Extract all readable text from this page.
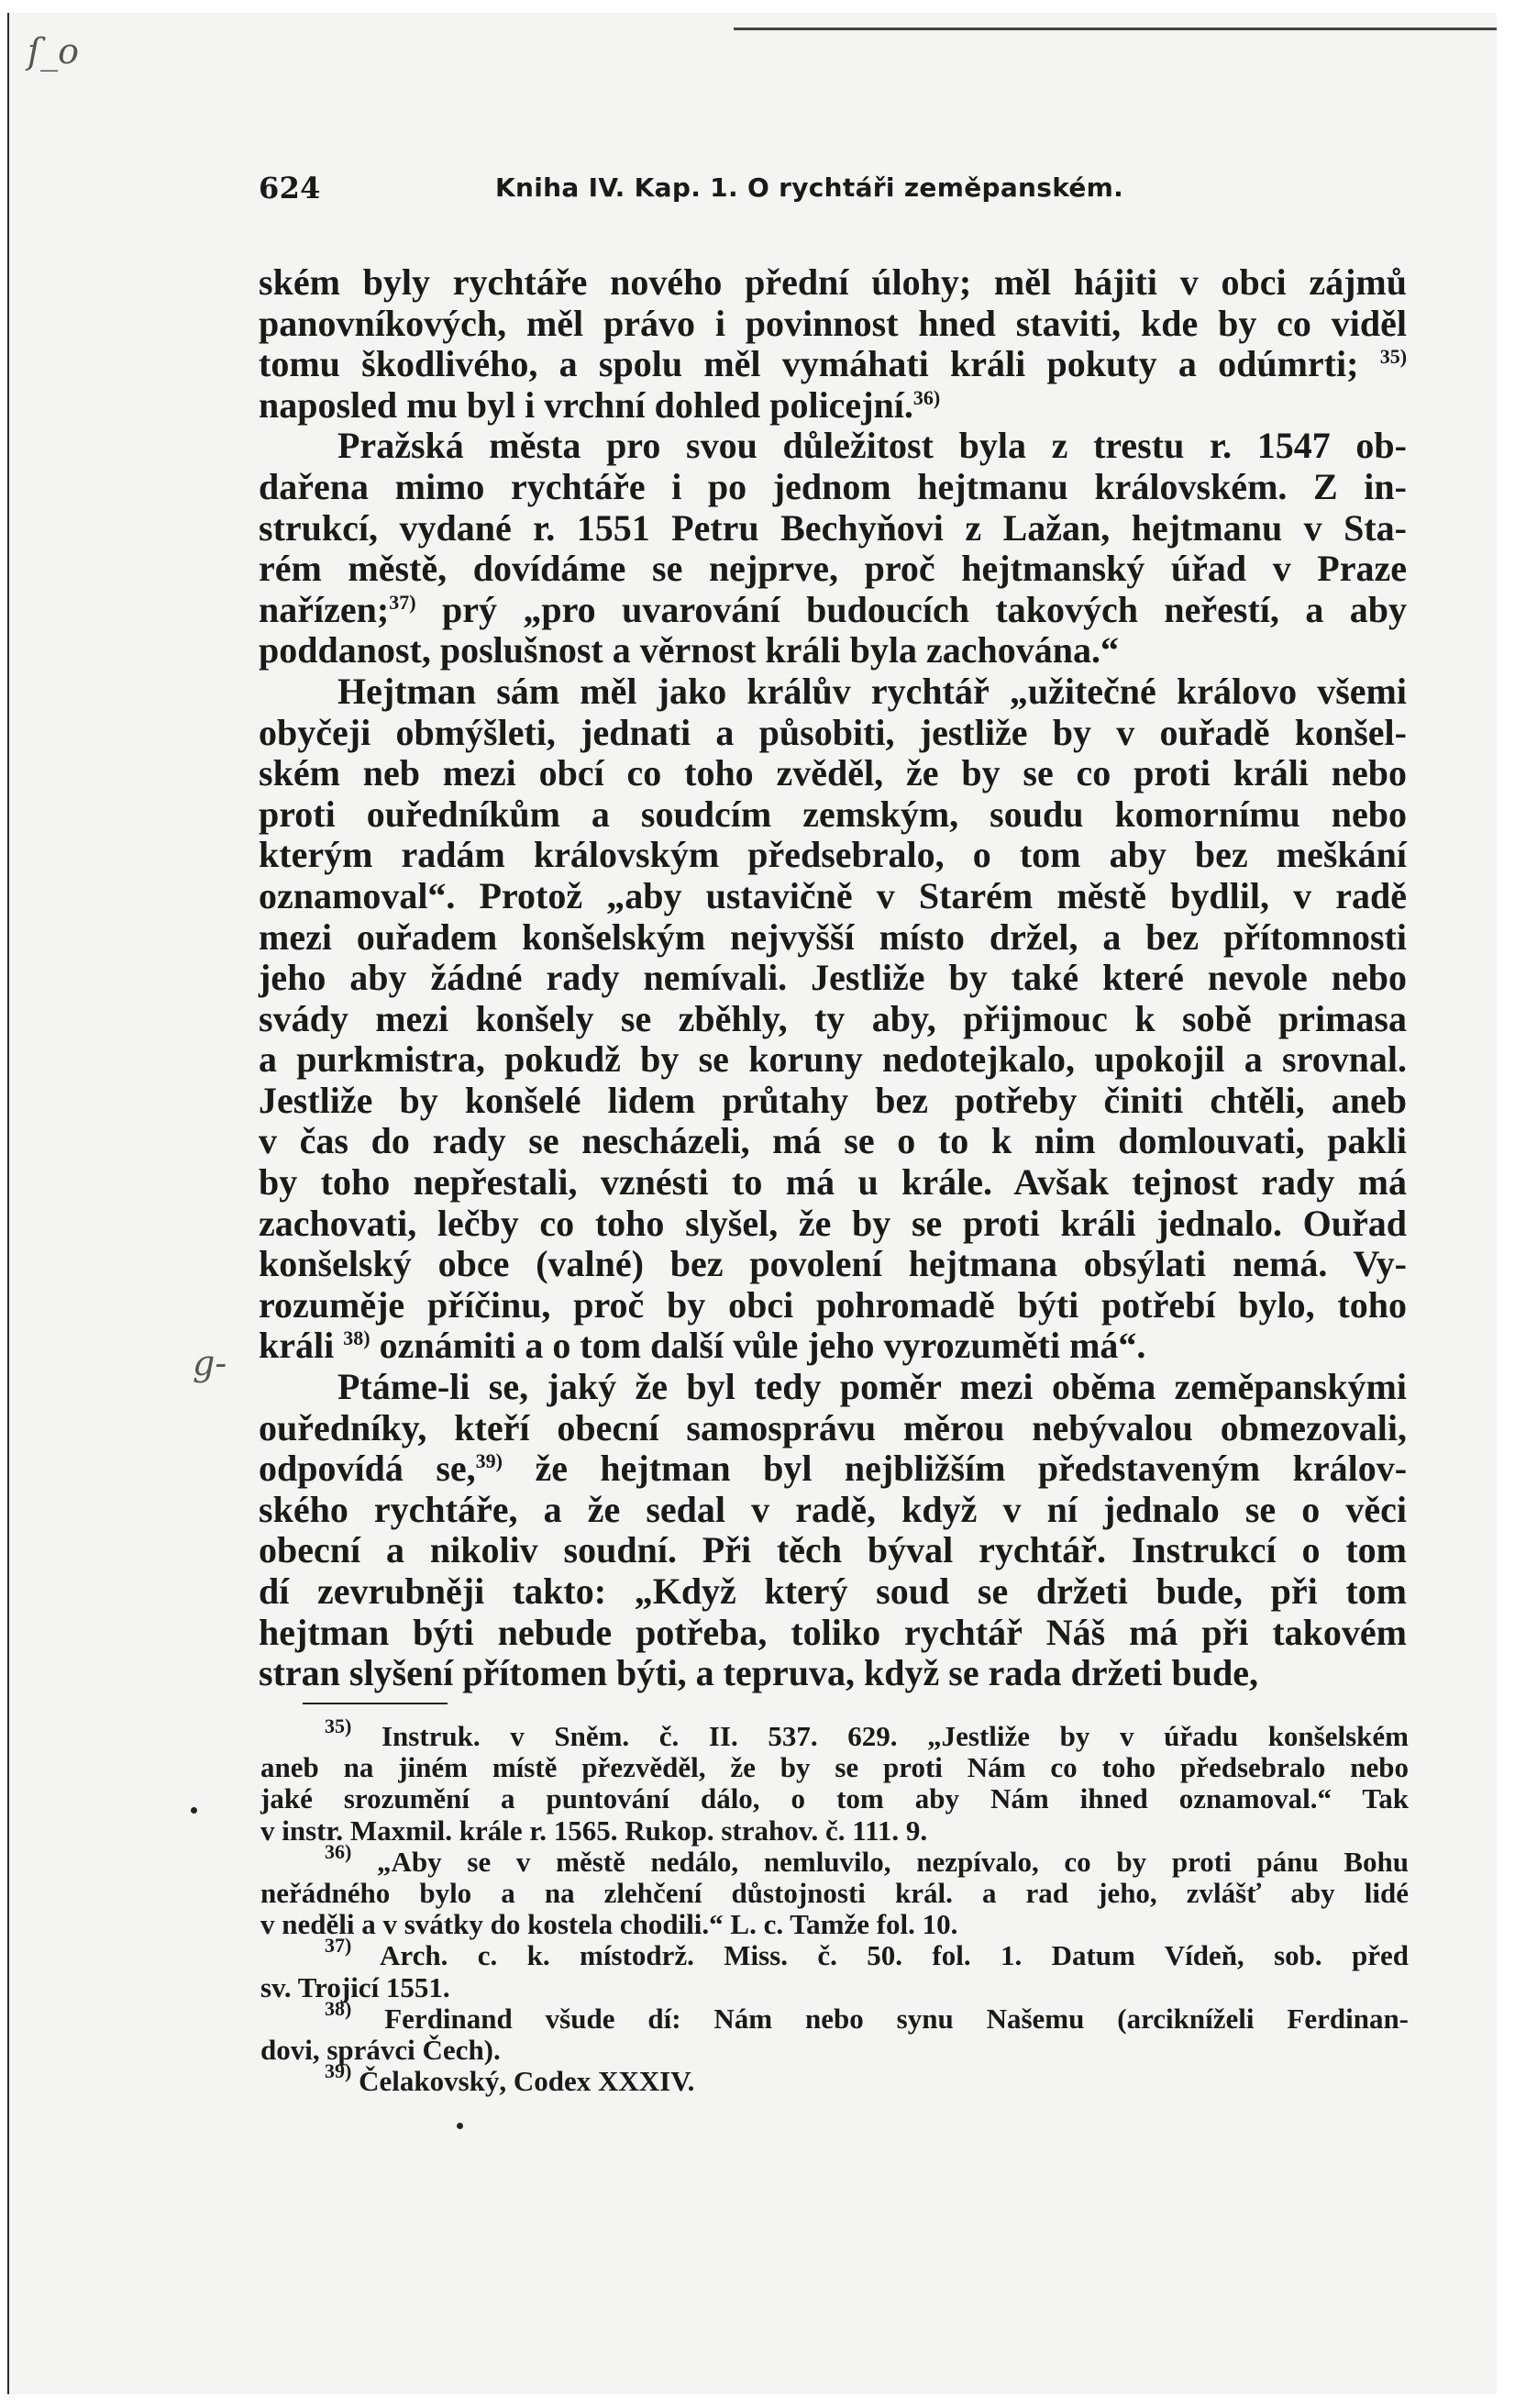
ſ_o
g-
624	Kniha IV. Kap. 1. O rychtáři zeměpanském.

ském byly rychtáře nového přední úlohy; měl hájiti v obci zájmů
panovníkových, měl právo i povinnost hned staviti, kde by co viděl
tomu škodlivého, a spolu měl vymáhati králi pokuty a odúmrti; $^{35)}$
naposled mu byl i vrchní dohled policejní.$^{36)}$

Pražská města pro svou důležitost byla z trestu r. 1547 ob-
dařena mimo rychtáře i po jednom hejtmanu královském. Z in-
strukcí, vydané r. 1551 Petru Bechyňovi z Lažan, hejtmanu v Sta-
rém městě, dovídáme se nejprve, proč hejtmanský úřad v Praze
nařízen;$^{37)}$ prý „pro uvarování budoucích takových neřestí, a aby
poddanost, poslušnost a věrnost králi byla zachována.“

Hejtman sám měl jako králův rychtář „užitečné královo všemi
obyčeji obmýšleti, jednati a působiti, jestliže by v ouřadě konšel-
ském neb mezi obcí co toho zvěděl, že by se co proti králi nebo
proti ouředníkům a soudcím zemským, soudu komornímu nebo
kterým radám královským předsebralo, o tom aby bez meškání
oznamoval“. Protož „aby ustavičně v Starém městě bydlil, v radě
mezi ouřadem konšelským nejvyšší místo držel, a bez přítomnosti
jeho aby žádné rady nemívali. Jestliže by také které nevole nebo
svády mezi konšely se zběhly, ty aby, přijmouc k sobě primasa
a purkmistra, pokudž by se koruny nedotejkalo, upokojil a srovnal.
Jestliže by konšelé lidem průtahy bez potřeby činiti chtěli, aneb
v čas do rady se nescházeli, má se o to k nim domlouvati, pakli
by toho nepřestali, vznésti to má u krále. Avšak tejnost rady má
zachovati, lečby co toho slyšel, že by se proti králi jednalo. Ouřad
konšelský obce (valné) bez povolení hejtmana obsýlati nemá. Vy-
rozuměje příčinu, proč by obci pohromadě býti potřebí bylo, toho
králi $^{38)}$ oznámiti a o tom další vůle jeho vyrozuměti má“.

Ptáme-li se, jaký že byl tedy poměr mezi oběma zeměpanskými
ouředníky, kteří obecní samosprávu měrou nebývalou obmezovali,
odpovídá se,$^{39)}$ že hejtman byl nejbližším představeným králov-
ského rychtáře, a že sedal v radě, když v ní jednalo se o věci
obecní a nikoliv soudní. Při těch býval rychtář. Instrukcí o tom
dí zevrubněji takto: „Když který soud se držeti bude, při tom
hejtman býti nebude potřeba, toliko rychtář Náš má při takovém
stran slyšení přítomen býti, a tepruva, když se rada držeti bude,

$^{35)}$ Instruk. v Sněm. č. II. 537. 629. „Jestliže by v úřadu konšelském
aneb na jiném místě přezvěděl, že by se proti Nám co toho předsebralo nebo
jaké srozumění a puntování dálo, o tom aby Nám ihned oznamoval.“ Tak
v instr. Maxmil. krále r. 1565. Rukop. strahov. č. 111. 9.
$^{36)}$ „Aby se v městě nedálo, nemluvilo, nezpívalo, co by proti pánu Bohu
neřádného bylo a na zlehčení důstojnosti král. a rad jeho, zvlášť aby lidé
v neděli a v svátky do kostela chodili.“ L. c. Tamže fol. 10.
$^{37)}$ Arch. c. k. místodrž. Miss. č. 50. fol. 1. Datum Vídeň, sob. před
sv. Trojicí 1551.
$^{38)}$ Ferdinand všude dí: Nám nebo synu Našemu (arcikníželi Ferdinan-
dovi, správci Čech).
$^{39)}$ Čelakovský, Codex XXXIV.
